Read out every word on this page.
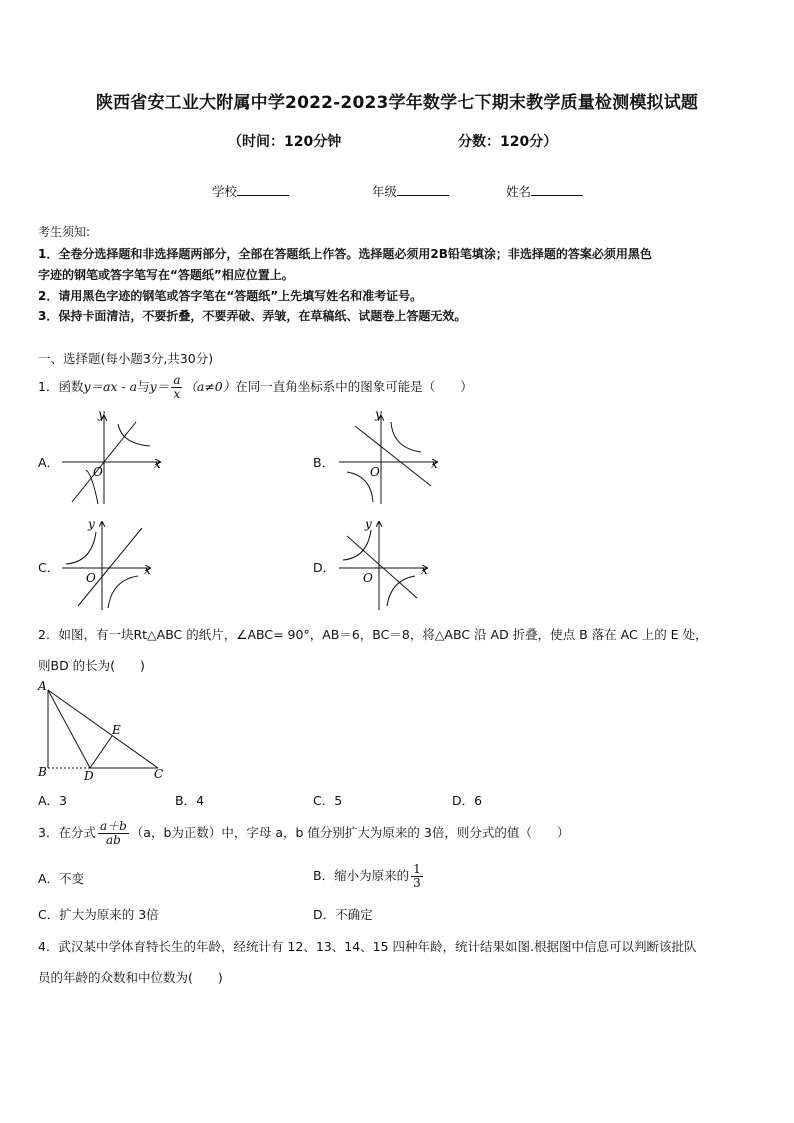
陕西省安工业大附属中学2022-2023学年数学七下期末教学质量检测模拟试题
（时间：120分钟	分数：120分）
学校	年级	姓名
考生须知:
1．全卷分选择题和非选择题两部分，全部在答题纸上作答。选择题必须用2B铅笔填涂；非选择题的答案必须用黑色
字迹的钢笔或答字笔写在“答题纸”相应位置上。
2．请用黑色字迹的钢笔或答字笔在“答题纸”上先填写姓名和准考证号。
3．保持卡面清洁，不要折叠，不要弄破、弄皱，在草稿纸、试题卷上答题无效。
一、选择题(每小题3分,共30分)
1．函数y＝ax - a与$y= \frac{a}{x} (a\ne 0)$在同一直角坐标系中的图象可能是（　　）
A．	B．
C．	D．
x
y
O
x
y
O
x
y
O
x
y
O
2．如图，有一块Rt△ABC 的纸片，∠ABC= 90°，AB＝6，BC＝8，将△ABC 沿 AD 折叠，使点 B 落在 AC 上的 E 处，
则BD 的长为(　　)
A
B	C
D
E
A．3	B．4	C．5	D．6
3．在分式 $\frac{a+b}{ab} (a$，b为正数）中，字母 a，b 值分别扩大为原来的 3倍，则分式的值（　　）
A．不变	B．缩小为原来的 $\frac{1}{3}$
C．扩大为原来的 3倍	D．不确定
4．武汉某中学体育特长生的年龄，经统计有 12、13、14、15 四种年龄，统计结果如图.根据图中信息可以判断该批队
员的年龄的众数和中位数为(　　)
